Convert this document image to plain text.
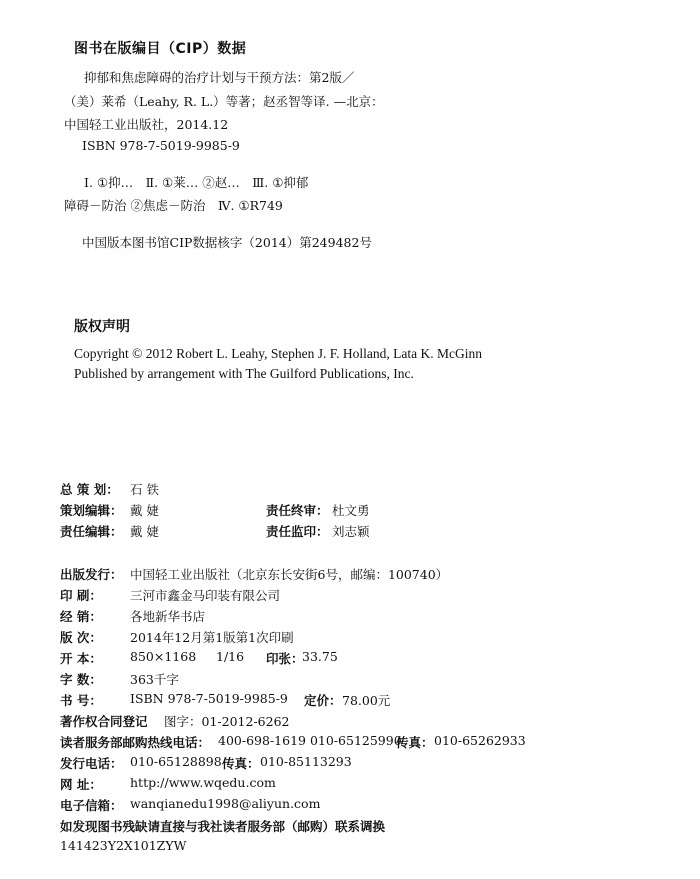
图书在版编目（CIP）数据
抑郁和焦虑障碍的治疗计划与干预方法：第2版／
（美）莱希（Leahy, R. L.）等著；赵丞智等译. —北京：
中国轻工业出版社，2014.12
ISBN 978-7-5019-9985-9
Ⅰ. ①抑…　Ⅱ. ①莱… ②赵…　Ⅲ. ①抑郁
障碍－防治 ②焦虑－防治　Ⅳ. ①R749
中国版本图书馆CIP数据核字（2014）第249482号
版权声明
Copyright © 2012 Robert L. Leahy, Stephen J. F. Holland, Lata K. McGinn
Published by arrangement with The Guilford Publications, Inc.
总 策 划： 石 铁
策划编辑： 戴 婕	责任终审： 杜文勇
责任编辑： 戴 婕	责任监印： 刘志颖
出版发行： 中国轻工业出版社（北京东长安街6号，邮编：100740）
印 刷： 三河市鑫金马印装有限公司
经 销： 各地新华书店
版 次： 2014年12月第1版第1次印刷
开 本： 850×1168 1/16 印张：
33.75
字 数： 363千字
书 号： ISBN 978-7-5019-9985-9 定价： 78.00元
著作权合同登记 图字：01-2012-6262
读者服务部邮购热线电话： 400-698-1619 010-65125990
传真： 010-65262933
发行电话： 010-65128898 传真： 010-85113293
网 址： http://www.wqedu.com
电子信箱： wanqianedu1998@aliyun.com
如发现图书残缺请直接与我社读者服务部（邮购）联系调换
141423Y2X101ZYW
